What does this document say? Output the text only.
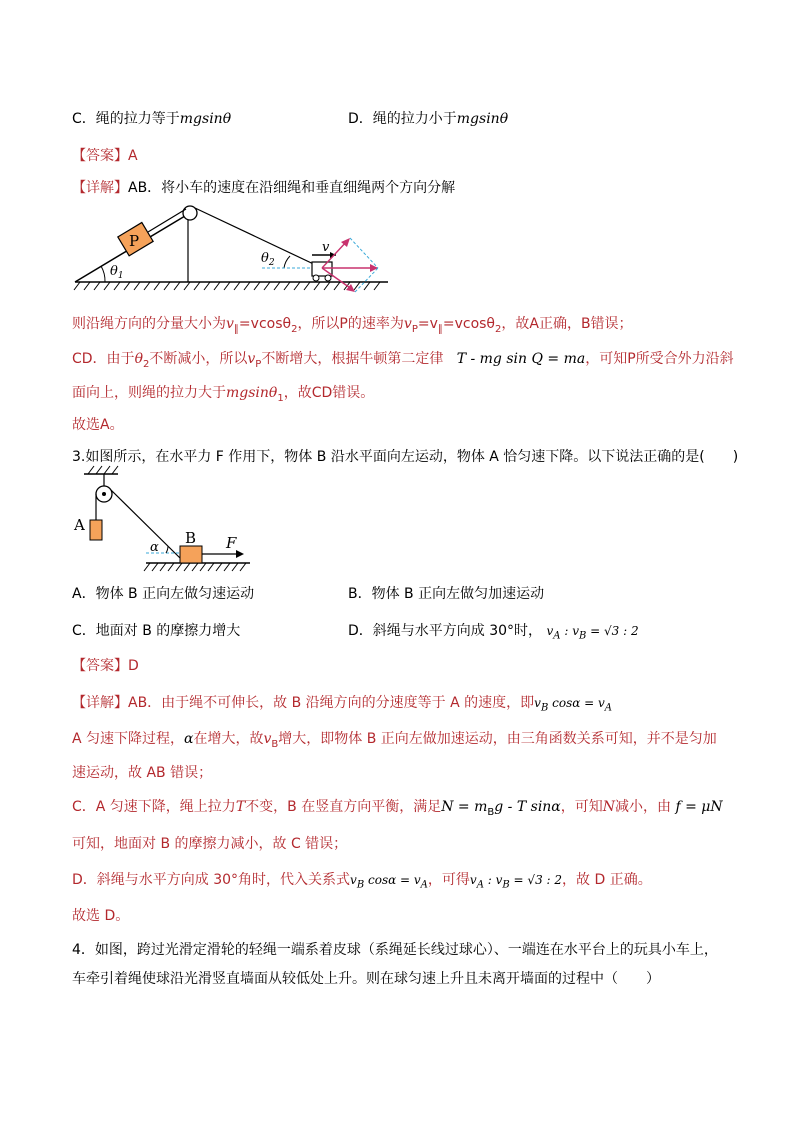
C．绳的拉力等于mgsinθ	D．绳的拉力小于mgsinθ
【答案】A
【详解】AB．将小车的速度在沿细绳和垂直细绳两个方向分解
P
$\theta_1$
$\theta_2$
v
则沿绳方向的分量大小为$v_\parallel=vcos\theta_2$，所以P的速率为$v_P=v_\parallel=vcos\theta_2$，故A正确，B错误；
CD．由于$\theta_2$不断减小，所以$v_P$不断增大，根据牛顿第二定律 T - mg sin Q = ma，可知P所受合外力沿斜
面向上，则绳的拉力大于mgsinθ$_1$，故CD错误。
故选A。
3.如图所示，在水平力 F 作用下，物体 B 沿水平面向左运动，物体 A 恰匀速下降。以下说法正确的是(　　)
A
α
B F
A．物体 B 正向左做匀速运动	B．物体 B 正向左做匀加速运动
C．地面对 B 的摩擦力增大	D．斜绳与水平方向成 30°时， $v_A$ : $v_B = √3$ : 2
【答案】D
【详解】AB．由于绳不可伸长，故 B 沿绳方向的分速度等于 A 的速度，即$v_B$ $\cos\alpha = v_A$
A 匀速下降过程，α在增大，故$v_B$增大，即物体 B 正向左做加速运动，由三角函数关系可知，并不是匀加
速运动，故 AB 错误；
C．A 匀速下降，绳上拉力T不变，B 在竖直方向平衡，满足$N = m_Bg - T$ sinα，可知N减小，由 f = μN
可知，地面对 B 的摩擦力减小，故 C 错误；
D．斜绳与水平方向成 30°角时，代入关系式$v_B$ $\cos\alpha = v_A$，可得$v_A$ : $v_B = √3$ : 2，故 D 正确。
故选 D。
4．如图，跨过光滑定滑轮的轻绳一端系着皮球（系绳延长线过球心）、一端连在水平台上的玩具小车上，
车牵引着绳使球沿光滑竖直墙面从较低处上升。则在球匀速上升且未离开墙面的过程中（　　）
